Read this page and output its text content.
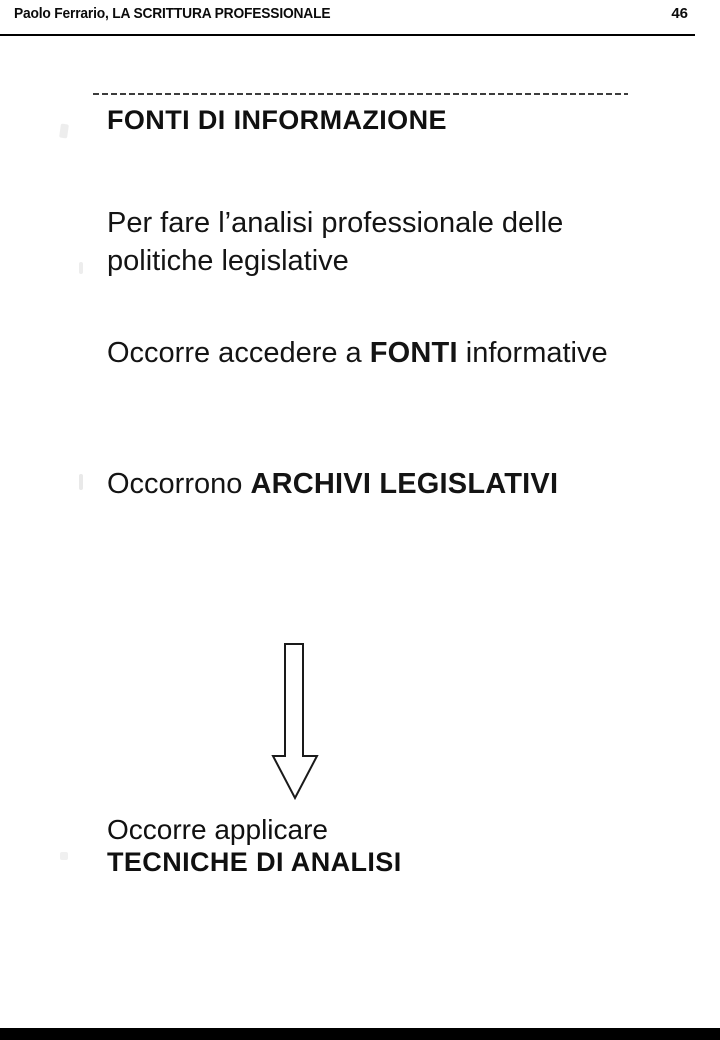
Paolo Ferrario, LA SCRITTURA PROFESSIONALE	46
FONTI DI INFORMAZIONE
Per fare l’analisi professionale delle
politiche legislative
Occorre accedere a FONTI informative
Occorrono ARCHIVI LEGISLATIVI
Occorre applicare
TECNICHE DI ANALISI
